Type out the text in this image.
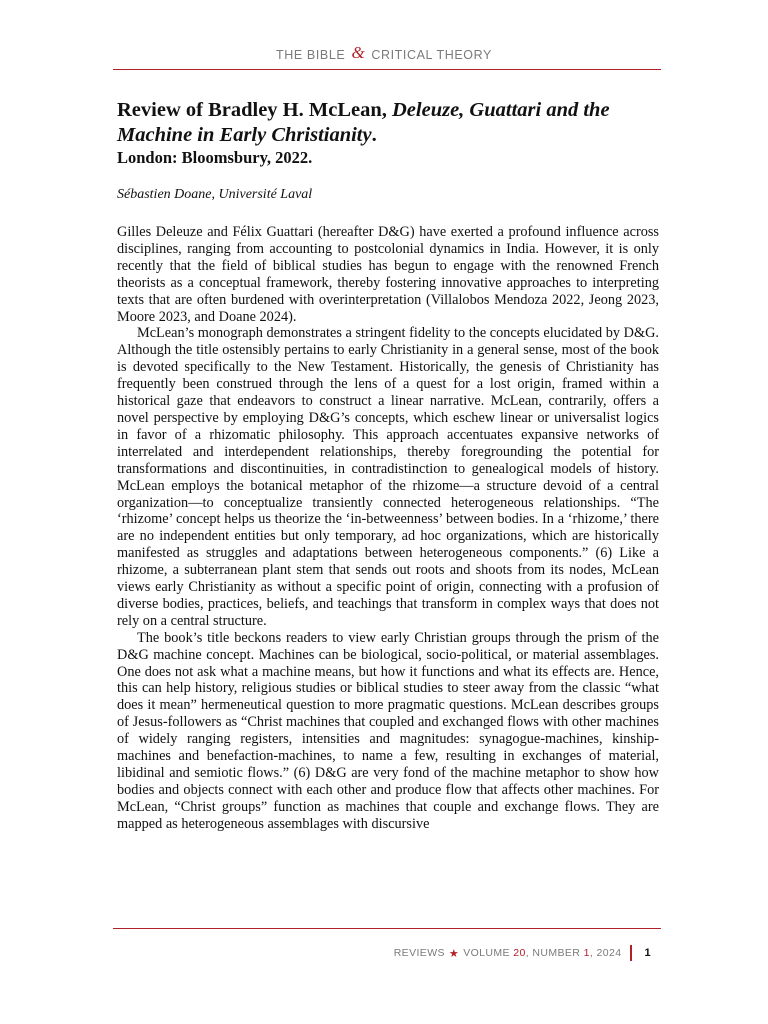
THE BIBLE & CRITICAL THEORY
Review of Bradley H. McLean, Deleuze, Guattari and the Machine in Early Christianity.
London: Bloomsbury, 2022.
Sébastien Doane, Université Laval

Gilles Deleuze and Félix Guattari (hereafter D&G) have exerted a profound influence across disciplines, ranging from accounting to postcolonial dynamics in India. However, it is only recently that the field of biblical studies has begun to engage with the renowned French theorists as a conceptual framework, thereby fostering innovative approaches to interpreting texts that are often burdened with overinterpretation (Villalobos Mendoza 2022, Jeong 2023, Moore 2023, and Doane 2024).

McLean’s monograph demonstrates a stringent fidelity to the concepts elucidated by D&G. Although the title ostensibly pertains to early Christianity in a general sense, most of the book is devoted specifically to the New Testament. Historically, the genesis of Christianity has frequently been construed through the lens of a quest for a lost origin, framed within a historical gaze that endeavors to construct a linear narrative. McLean, contrarily, offers a novel perspective by employing D&G’s concepts, which eschew linear or universalist logics in favor of a rhizomatic philosophy. This approach accentuates expansive networks of interrelated and interdependent relationships, thereby foregrounding the potential for transformations and discontinuities, in contradistinction to genealogical models of history. McLean employs the botanical metaphor of the rhizome—a structure devoid of a central organization—to conceptualize transiently connected heterogeneous relationships. “The ‘rhizome’ concept helps us theorize the ‘in-betweenness’ between bodies. In a ‘rhizome,’ there are no independent entities but only temporary, ad hoc organizations, which are historically manifested as struggles and adaptations between heterogeneous components.” (6) Like a rhizome, a subterranean plant stem that sends out roots and shoots from its nodes, McLean views early Christianity as without a specific point of origin, connecting with a profusion of diverse bodies, practices, beliefs, and teachings that transform in complex ways that does not rely on a central structure.

The book’s title beckons readers to view early Christian groups through the prism of the D&G machine concept. Machines can be biological, socio-political, or material assemblages. One does not ask what a machine means, but how it functions and what its effects are. Hence, this can help history, religious studies or biblical studies to steer away from the classic “what does it mean” hermeneutical question to more pragmatic questions. McLean describes groups of Jesus-followers as “Christ machines that coupled and exchanged flows with other machines of widely ranging registers, intensities and magnitudes: synagogue-machines, kinship-machines and benefaction-machines, to name a few, resulting in exchanges of material, libidinal and semiotic flows.” (6) D&G are very fond of the machine metaphor to show how bodies and objects connect with each other and produce flow that affects other machines. For McLean, “Christ groups” function as machines that couple and exchange flows. They are mapped as heterogeneous assemblages with discursive

REVIEWS ★ VOLUME
20 , NUMBER
1 , 2024 1
